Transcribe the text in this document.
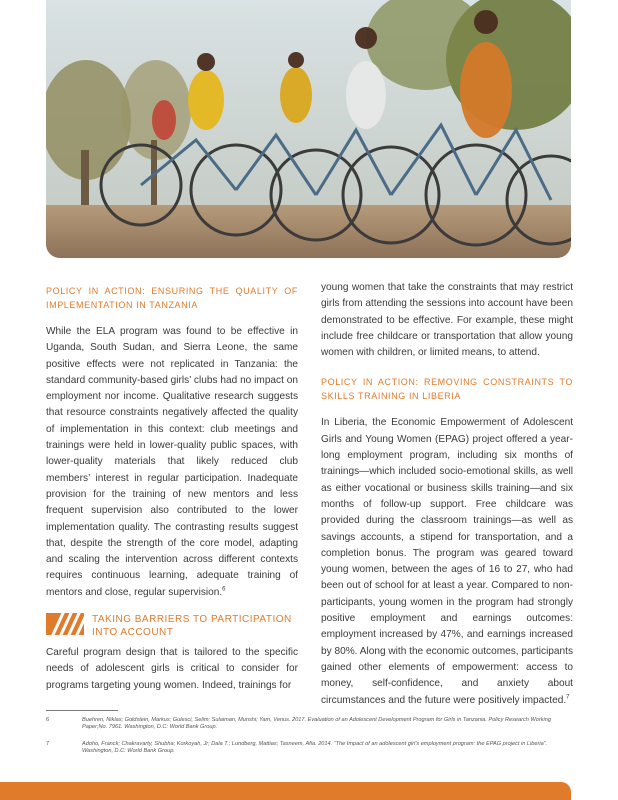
POLICY IN ACTION: ENSURING THE QUALITY OF IMPLEMENTATION IN TANZANIA

While the ELA program was found to be effective in Uganda, South Sudan, and Sierra Leone, the same positive effects were not replicated in Tanzania: the standard community-based girls’ clubs had no impact on employment nor income. Qualitative research suggests that resource constraints negatively affected the quality of implementation in this context: club meetings and trainings were held in lower-quality public spaces, with lower-quality materials that likely reduced club members’ interest in regular participation. Inadequate provision for the training of new mentors and less frequent supervision also contributed to the lower implementation quality. The contrasting results suggest that, despite the strength of the core model, adapting and scaling the intervention across different contexts requires continuous learning, adequate training of mentors and close, regular supervision.$^6$

TAKING BARRIERS TO PARTICIPATION
INTO ACCOUNT

Careful program design that is tailored to the specific needs of adolescent girls is critical to consider for programs targeting young women. Indeed, trainings for

young women that take the constraints that may restrict girls from attending the sessions into account have been demonstrated to be effective. For example, these might include free childcare or transportation that allow young women with children, or limited means, to attend.

POLICY IN ACTION: REMOVING CONSTRAINTS TO SKILLS TRAINING IN LIBERIA

In Liberia, the Economic Empowerment of Adolescent Girls and Young Women (EPAG) project offered a year-long employment program, including six months of trainings—which included socio-emotional skills, as well as either vocational or business skills training—and six months of follow-up support. Free childcare was provided during the classroom trainings—as well as savings accounts, a stipend for transportation, and a completion bonus. The program was geared toward young women, between the ages of 16 to 27, who had been out of school for at least a year. Compared to non-participants, young women in the program had strongly positive employment and earnings outcomes: employment increased by 47%, and earnings increased by 80%. Along with the economic outcomes, participants gained other elements of empowerment: access to money, self-confidence, and anxiety about circumstances and the future were positively impacted.$^7$

6	Buehren, Niklas; Goldstein, Markus; Gulesci, Selim; Sulaiman, Munshi; Yam, Venus. 2017. Evaluation of an Adolescent Development Program for Girls in Tanzania. Policy Research Working Paper;No. 7961. Washington, D.C: World Bank Group.
7	Adoho, Franck; Chakravarty, Shubha; Korkoyah, Jr; Dala T.; Lundberg, Mattias; Tasneem, Afia. 2014. “The Impact of an adolescent girl’s employment program: the EPAG project in Liberia”. Washington, D.C: World Bank Group.
